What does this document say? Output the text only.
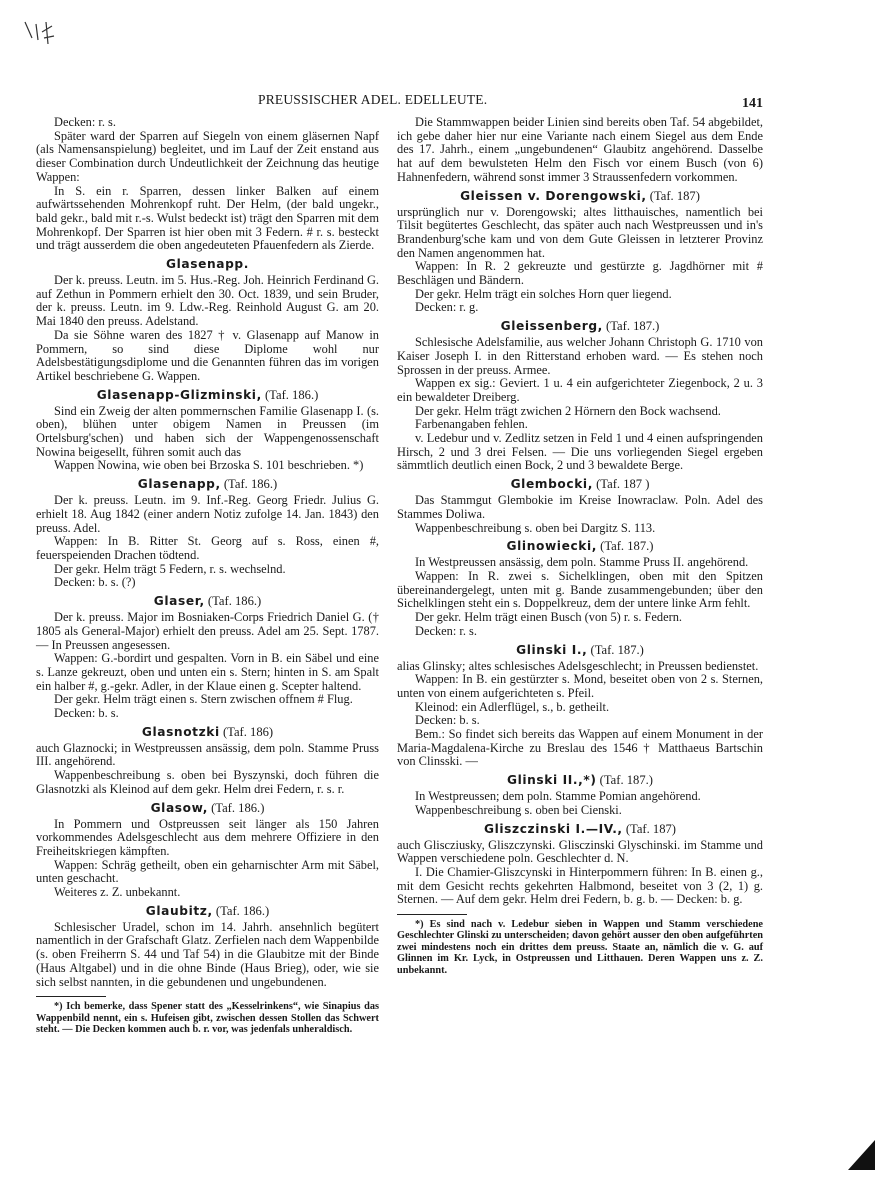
PREUSSISCHER ADEL. EDELLEUTE.	141

Decken: r. s.

Später ward der Sparren auf Siegeln von einem gläsernen Napf (als Namensanspielung) begleitet, und im Lauf der Zeit enstand aus dieser Combination durch Undeutlichkeit der Zeichnung das heutige Wappen:

In S. ein r. Sparren, dessen linker Balken auf einem aufwärtssehenden Mohrenkopf ruht. Der Helm, (der bald ungekr., bald gekr., bald mit r.-s. Wulst bedeckt ist) trägt den Sparren mit dem Mohrenkopf. Der Sparren ist hier oben mit 3 Federn. # r. s. besteckt und trägt ausserdem die oben angedeuteten Pfauenfedern als Zierde.

Glasenapp.

Der k. preuss. Leutn. im 5. Hus.-Reg. Joh. Heinrich Ferdinand G. auf Zethun in Pommern erhielt den 30. Oct. 1839, und sein Bruder, der k. preuss. Leutn. im 9. Ldw.-Reg. Reinhold August G. am 20. Mai 1840 den preuss. Adelstand.

Da sie Söhne waren des 1827 † v. Glasenapp auf Manow in Pommern, so sind diese Diplome wohl nur Adelsbestätigungsdiplome und die Genannten führen das im vorigen Artikel beschriebene G. Wappen.

Glasenapp-Glizminski, (Taf. 186.)

Sind ein Zweig der alten pommernschen Familie Glasenapp I. (s. oben), blühen unter obigem Namen in Preussen (im Ortelsburg'schen) und haben sich der Wappengenossenschaft Nowina beigesellt, führen somit auch das

Wappen Nowina, wie oben bei Brzoska S. 101 beschrieben. *)

Glasenapp, (Taf. 186.)

Der k. preuss. Leutn. im 9. Inf.-Reg. Georg Friedr. Julius G. erhielt 18. Aug 1842 (einer andern Notiz zufolge 14. Jan. 1843) den preuss. Adel.

Wappen: In B. Ritter St. Georg auf s. Ross, einen #, feuerspeienden Drachen tödtend.

Der gekr. Helm trägt 5 Federn, r. s. wechselnd.

Decken: b. s. (?)

Glaser, (Taf. 186.)

Der k. preuss. Major im Bosniaken-Corps Friedrich Daniel G. († 1805 als General-Major) erhielt den preuss. Adel am 25. Sept. 1787. — In Preussen angesessen.

Wappen: G.-bordirt und gespalten. Vorn in B. ein Säbel und eine s. Lanze gekreuzt, oben und unten ein s. Stern; hinten in S. am Spalt ein halber #, g.-gekr. Adler, in der Klaue einen g. Scepter haltend.

Der gekr. Helm trägt einen s. Stern zwischen offnem # Flug.

Decken: b. s.

Glasnotzki (Taf. 186)

auch Glaznocki; in Westpreussen ansässig, dem poln. Stamme Pruss III. angehörend.

Wappenbeschreibung s. oben bei Byszynski, doch führen die Glasnotzki als Kleinod auf dem gekr. Helm drei Federn, r. s. r.

Glasow, (Taf. 186.)

In Pommern und Ostpreussen seit länger als 150 Jahren vorkommendes Adelsgeschlecht aus dem mehrere Offiziere in den Freiheitskriegen kämpften.

Wappen: Schräg getheilt, oben ein geharnischter Arm mit Säbel, unten geschacht.

Weiteres z. Z. unbekannt.

Glaubitz, (Taf. 186.)

Schlesischer Uradel, schon im 14. Jahrh. ansehnlich begütert namentlich in der Grafschaft Glatz. Zerfielen nach dem Wappenbilde (s. oben Freiherrn S. 44 und Taf 54) in die Glaubitze mit der Binde (Haus Altgabel) und in die ohne Binde (Haus Brieg), oder, wie sie sich selbst nannten, in die gebundenen und ungebundenen.

*) Ich bemerke, dass Spener statt des „Kesselrinkens“, wie Sinapius das Wappenbild nennt, ein s. Hufeisen gibt, zwischen dessen Stollen das Schwert steht. — Die Decken kommen auch b. r. vor, was jedenfals unheraldisch.

Die Stammwappen beider Linien sind bereits oben Taf. 54 abgebildet, ich gebe daher hier nur eine Variante nach einem Siegel aus dem Ende des 17. Jahrh., einem „ungebundenen“ Glaubitz angehörend. Dasselbe hat auf dem bewulsteten Helm den Fisch vor einem Busch (von 6) Hahnenfedern, während sonst immer 3 Straussenfedern vorkommen.

Gleissen v. Dorengowski, (Taf. 187)

ursprünglich nur v. Dorengowski; altes litthauisches, namentlich bei Tilsit begütertes Geschlecht, das später auch nach Westpreussen und in's Brandenburg'sche kam und von dem Gute Gleissen in letzterer Provinz den Namen angenommen hat.

Wappen: In R. 2 gekreuzte und gestürzte g. Jagdhörner mit # Beschlägen und Bändern.

Der gekr. Helm trägt ein solches Horn quer liegend.

Decken: r. g.

Gleissenberg, (Taf. 187.)

Schlesische Adelsfamilie, aus welcher Johann Christoph G. 1710 von Kaiser Joseph I. in den Ritterstand erhoben ward. — Es stehen noch Sprossen in der preuss. Armee.

Wappen ex sig.: Geviert. 1 u. 4 ein aufgerichteter Ziegenbock, 2 u. 3 ein bewaldeter Dreiberg.

Der gekr. Helm trägt zwichen 2 Hörnern den Bock wachsend.

Farbenangaben fehlen.

v. Ledebur und v. Zedlitz setzen in Feld 1 und 4 einen aufspringenden Hirsch, 2 und 3 drei Felsen. — Die uns vorliegenden Siegel ergeben sämmtlich deutlich einen Bock, 2 und 3 bewaldete Berge.

Glembocki, (Taf. 187 )

Das Stammgut Glembokie im Kreise Inowraclaw. Poln. Adel des Stammes Doliwa.

Wappenbeschreibung s. oben bei Dargitz S. 113.

Glinowiecki, (Taf. 187.)

In Westpreussen ansässig, dem poln. Stamme Pruss II. angehörend.

Wappen: In R. zwei s. Sichelklingen, oben mit den Spitzen übereinandergelegt, unten mit g. Bande zusammengebunden; über den Sichelklingen steht ein s. Doppelkreuz, dem der untere linke Arm fehlt.

Der gekr. Helm trägt einen Busch (von 5) r. s. Federn.

Decken: r. s.

Glinski I., (Taf. 187.)

alias Glinsky; altes schlesisches Adelsgeschlecht; in Preussen bedienstet.

Wappen: In B. ein gestürzter s. Mond, beseitet oben von 2 s. Sternen, unten von einem aufgerichteten s. Pfeil.

Kleinod: ein Adlerflügel, s., b. getheilt.

Decken: b. s.

Bem.: So findet sich bereits das Wappen auf einem Monument in der Maria-Magdalena-Kirche zu Breslau des 1546 † Matthaeus Bartschin von Clinsski. —

Glinski II.,*) (Taf. 187.)

In Westpreussen; dem poln. Stamme Pomian angehörend.

Wappenbeschreibung s. oben bei Cienski.

Gliszczinski I.—IV., (Taf. 187)

auch Gliscziusky, Gliszczynski. Glisczinski Glyschinski. im Stamme und Wappen verschiedene poln. Geschlechter d. N.

I. Die Chamier-Gliszcynski in Hinterpommern führen: In B. einen g., mit dem Gesicht rechts gekehrten Halbmond, beseitet von 3 (2, 1) g. Sternen. — Auf dem gekr. Helm drei Federn, b. g. b. — Decken: b. g.

*) Es sind nach v. Ledebur sieben in Wappen und Stamm verschiedene Geschlechter Glinski zu unterscheiden; davon gehört ausser den oben aufgeführten zwei mindestens noch ein drittes dem preuss. Staate an, nämlich die v. G. auf Glinnen im Kr. Lyck, in Ostpreussen und Litthauen. Deren Wappen uns z. Z. unbekannt.
